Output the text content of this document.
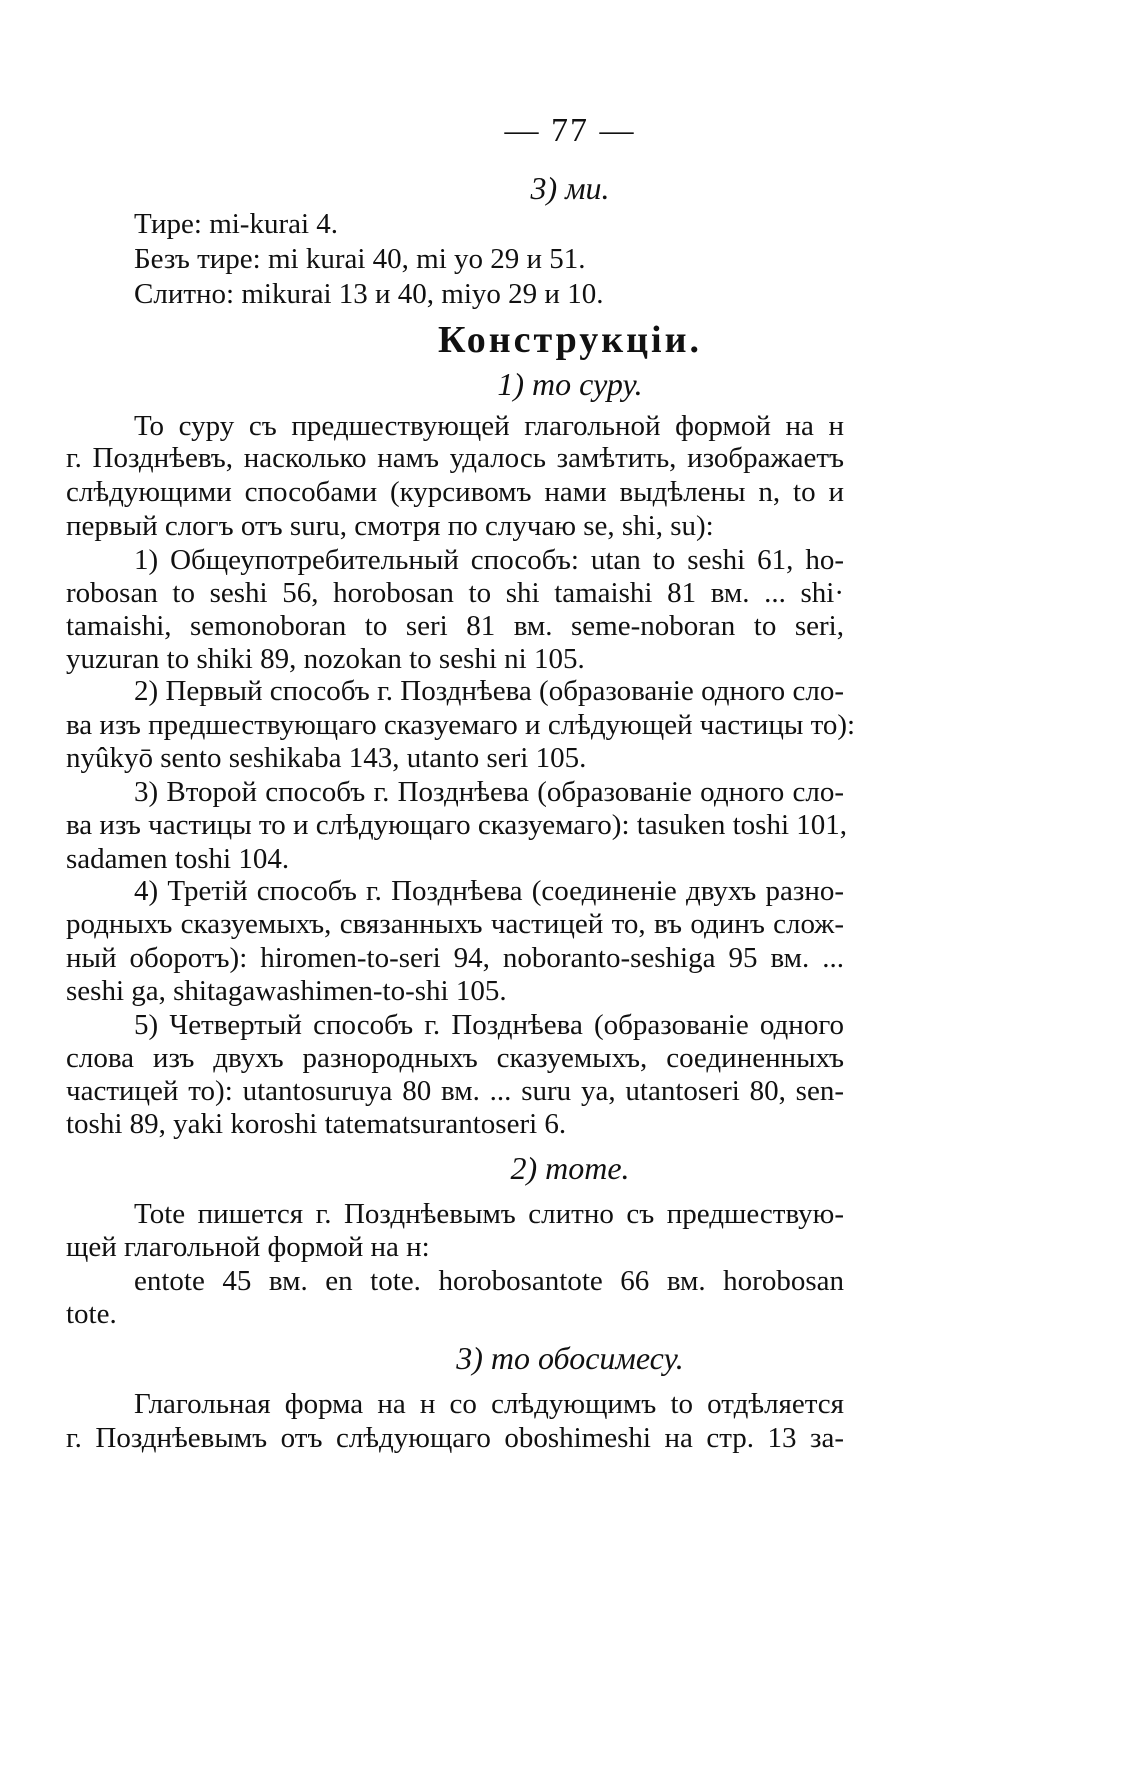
— 77 —
3) ми.
Тире: mi-kurai 4.
Безъ тире: mi kurai 40, mi yo 29 и 51.
Слитно: mikurai 13 и 40, miyo 29 и 10.
Конструкціи.
1) то суру.
То суру съ предшествующей глагольной формой на н
г. Позднѣевъ, насколько намъ удалось замѣтить, изображаетъ
слѣдующими способами (курсивомъ нами выдѣлены n, to и
первый слогъ отъ suru, смотря по случаю se, shi, su):
1) Общеупотребительный способъ: utan to seshi 61, ho-
robosan to seshi 56, horobosan to shi tamaishi 81 вм. ... shi·
tamaishi, semonoboran to seri 81 вм. seme-noboran to seri,
yuzuran to shiki 89, nozokan to seshi ni 105.
2) Первый способъ г. Позднѣева (образованіе одного сло-
ва изъ предшествующаго сказуемаго и слѣдующей частицы то):
nyûkyō sento seshikaba 143, utanto seri 105.
3) Второй способъ г. Позднѣева (образованіе одного сло-
ва изъ частицы то и слѣдующаго сказуемаго): tasuken toshi 101,
sadamen toshi 104.
4) Третій способъ г. Позднѣева (соединеніе двухъ разно-
родныхъ сказуемыхъ, связанныхъ частицей то, въ одинъ слож-
ный оборотъ): hiromen-to-seri 94, noboranto-seshiga 95 вм. ...
seshi ga, shitagawashimen-to-shi 105.
5) Четвертый способъ г. Позднѣева (образованіе одного
слова изъ двухъ разнородныхъ сказуемыхъ, соединенныхъ
частицей то): utantosuruya 80 вм. ... suru ya, utantoseri 80, sen-
toshi 89, yaki koroshi tatematsurantoseri 6.
2) тоте.
Tote пишется г. Позднѣевымъ слитно съ предшествую-
щей глагольной формой на н:
entote 45 вм. en tote. horobosantote 66 вм. horobosan
tote.
3) то обосимесу.
Глагольная форма на н со слѣдующимъ to отдѣляется
г. Позднѣевымъ отъ слѣдующаго oboshimeshi на стр. 13 за-
